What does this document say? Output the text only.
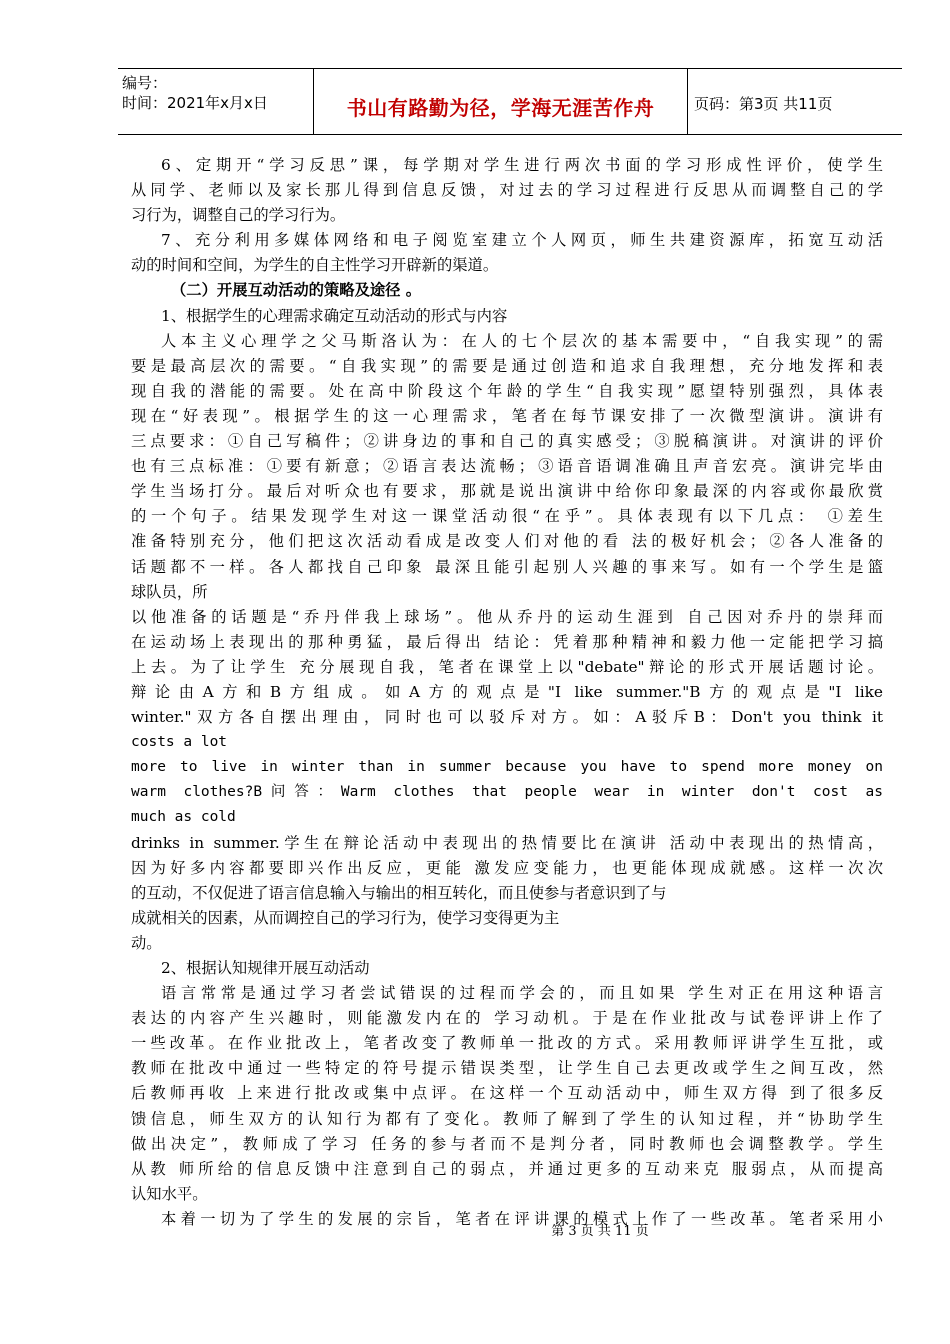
编号：
时间：2021年x月x日	书山有路勤为径，学海无涯苦作舟	页码：第3页 共11页
6、定期开“学习反思”课，每学期对学生进行两次书面的学习形成性评价，使学生
从同学、老师以及家长那儿得到信息反馈，对过去的学习过程进行反思从而调整自己的学
习行为，调整自己的学习行为。
7、充分利用多媒体网络和电子阅览室建立个人网页，师生共建资源库，拓宽互动活
动的时间和空间，为学生的自主性学习开辟新的渠道。
（二）开展互动活动的策略及途径 。
1、根据学生的心理需求确定互动活动的形式与内容
人本主义心理学之父马斯洛认为：在人的七个层次的基本需要中，“自我实现”的需
要是最高层次的需要。“自我实现”的需要是通过创造和追求自我理想，充分地发挥和表
现自我的潜能的需要。处在高中阶段这个年龄的学生“自我实现”愿望特别强烈，具体表
现在“好表现”。根据学生的这一心理需求，笔者在每节课安排了一次微型演讲。演讲有
三点要求：①自己写稿件；②讲身边的事和自己的真实感受；③脱稿演讲。对演讲的评价
也有三点标准：①要有新意；②语言表达流畅；③语音语调准确且声音宏亮。演讲完毕由
学生当场打分。最后对听众也有要求，那就是说出演讲中给你印象最深的内容或你最欣赏
的一个句子。结果发现学生对这一课堂活动很“在乎”。具体表现有以下几点： ①差生
准备特别充分，他们把这次活动看成是改变人们对他的看 法的极好机会；②各人准备的
话题都不一样。各人都找自己印象 最深且能引起别人兴趣的事来写。如有一个学生是篮
球队员，所
以他准备的话题是“乔丹伴我上球场”。他从乔丹的运动生涯到 自己因对乔丹的崇拜而
在运动场上表现出的那种勇猛，最后得出 结论：凭着那种精神和毅力他一定能把学习搞
上去。为了让学生 充分展现自我，笔者在课堂上以"debate"辩论的形式开展话题讨论。
辩论由A方和B方组成。如A方的观点是"I like summer."B方的观点是"I like
winter."双方各自摆出理由，同时也可以驳斥对方。如：A驳斥B：Don't you think it
costs a lot
more to live in winter than in summer because you have to spend more money on
warm clothes?B问答：Warm clothes that people wear in winter don't cost as
much as cold
drinks in summer.学生在辩论活动中表现出的热情要比在演讲 活动中表现出的热情高，
因为好多内容都要即兴作出反应，更能 激发应变能力，也更能体现成就感。这样一次次
的互动，不仅促进了语言信息输入与输出的相互转化，而且使参与者意识到了与
成就相关的因素，从而调控自己的学习行为，使学习变得更为主
动。
2、根据认知规律开展互动活动
语言常常是通过学习者尝试错误的过程而学会的，而且如果 学生对正在用这种语言
表达的内容产生兴趣时，则能激发内在的 学习动机。于是在作业批改与试卷评讲上作了
一些改革。在作业批改上，笔者改变了教师单一批改的方式。采用教师评讲学生互批，或
教师在批改中通过一些特定的符号提示错误类型，让学生自己去更改或学生之间互改，然
后教师再收 上来进行批改或集中点评。在这样一个互动活动中，师生双方得 到了很多反
馈信息，师生双方的认知行为都有了变化。教师了解到了学生的认知过程，并“协助学生
做出决定”，教师成了学习 任务的参与者而不是判分者，同时教师也会调整教学。学生
从教 师所给的信息反馈中注意到自己的弱点，并通过更多的互动来克 服弱点，从而提高
认知水平。
本着一切为了学生的发展的宗旨，笔者在评讲课的模式上作了一些改革。笔者采用小
第 3 页 共 11 页
